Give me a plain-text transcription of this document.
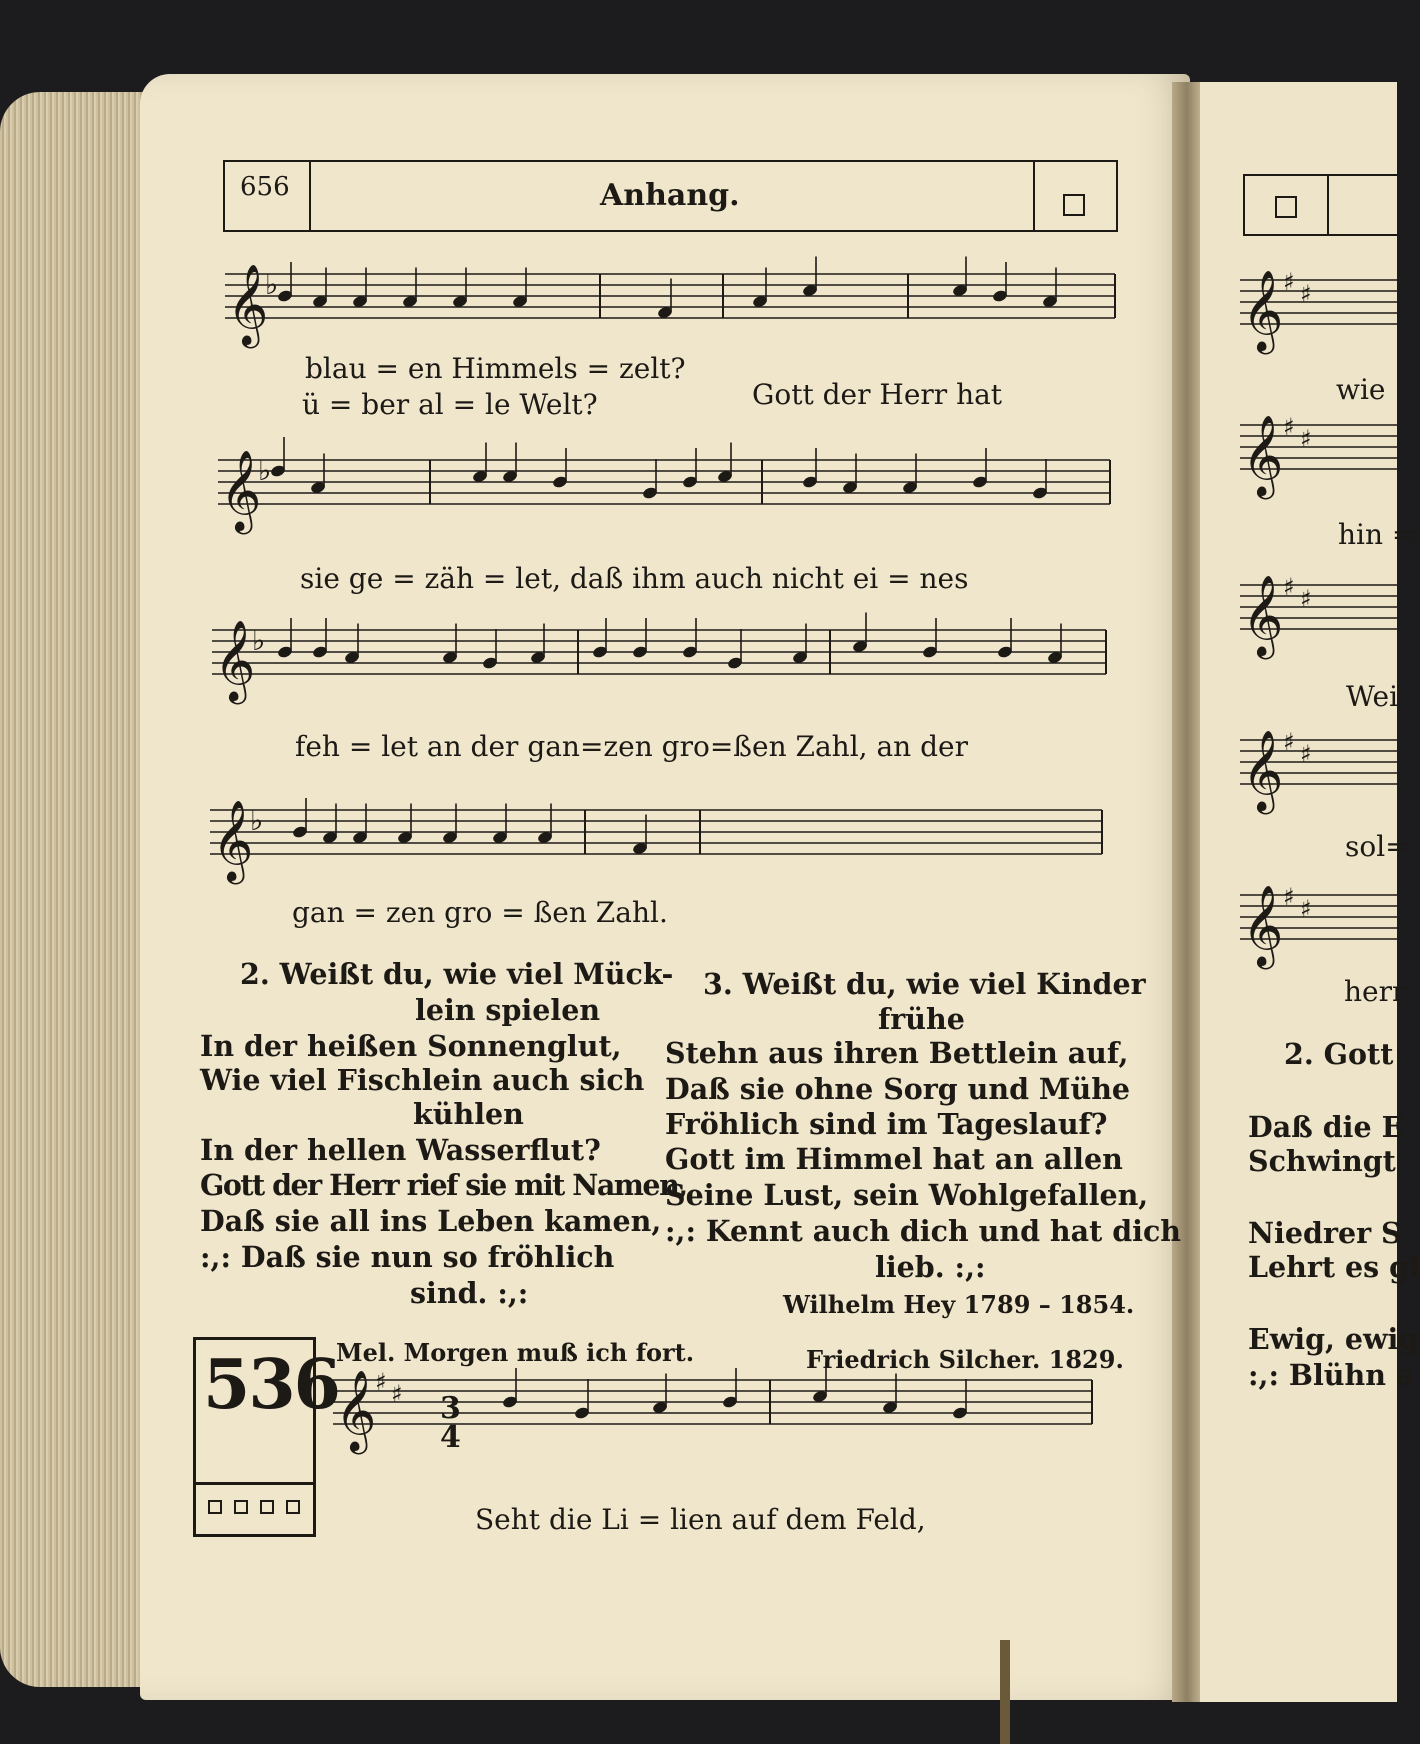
656	Anhang.
𝄞
♭
𝄞
♭
𝄞
♭
𝄞
♭
𝄞
♯ ♯
𝄞 ♯ ♯
𝄞 ♯ ♯
𝄞 ♯ ♯
𝄞 ♯ ♯
𝄞 ♯ ♯
blau = en Himmels = zelt?
ü = ber al = le Welt?	Gott der Herr hat
sie ge = zäh = let, daß ihm auch nicht ei = nes
feh = let an der gan=zen gro=ßen Zahl, an der
gan = zen gro = ßen Zahl.
2. Weißt du, wie viel Mück-
lein spielen
In der heißen Sonnenglut,
Wie viel Fischlein auch sich
kühlen
In der hellen Wasserflut?
Gott der Herr rief sie mit Namen,
Daß sie all ins Leben kamen,
:,: Daß sie nun so fröhlich
sind. :,:
3. Weißt du, wie viel Kinder
frühe
Stehn aus ihren Bettlein auf,
Daß sie ohne Sorg und Mühe
Fröhlich sind im Tageslauf?
Gott im Himmel hat an allen
Seine Lust, sein Wohlgefallen,
:,: Kennt auch dich und hat dich
lieb. :,:
Wilhelm Hey 1789 – 1854.
536
Mel. Morgen muß ich fort.	Friedrich Silcher. 1829.
3
4
Seht die Li = lien auf dem Feld,
wie
hin =
Wei
sol=
herr
2. Gott
Daß die E
Schwingt
Niedrer S
Lehrt es gl
Ewig, ewig
:,: Blühn a
